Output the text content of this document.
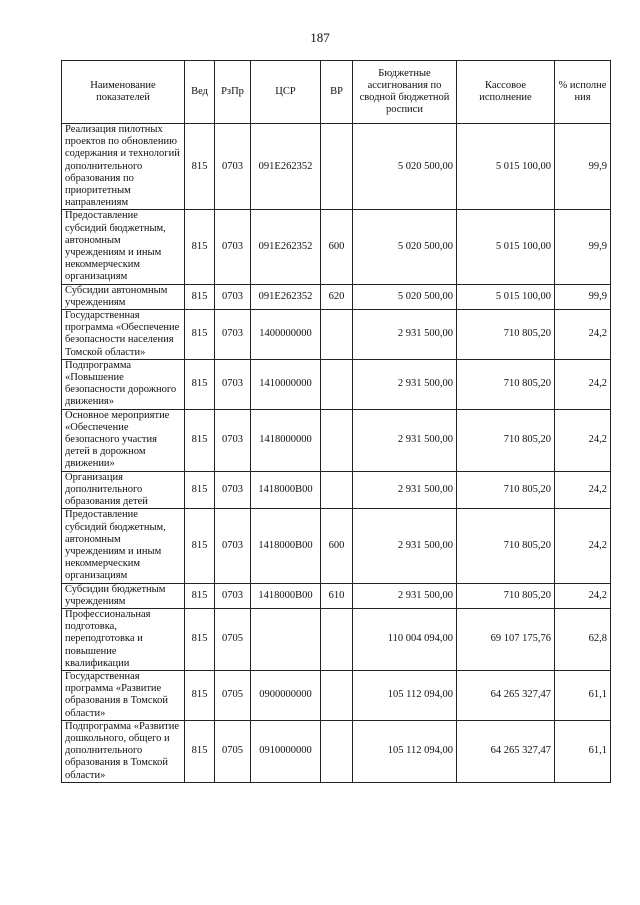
187
Наименование показателей	Вед	РзПр	ЦСР	ВР	Бюджетные ассигнования по сводной бюджетной росписи	Кассовое исполнение	% исполне ния
Реализация пилотных проектов по обновлению содержания и технологий дополнительного образования по приоритетным направлениям	815	0703	091E262352		5 020 500,00	5 015 100,00	99,9
Предоставление субсидий бюджетным, автономным учреждениям и иным некоммерческим организациям	815	0703	091E262352	600	5 020 500,00	5 015 100,00	99,9
Субсидии автономным учреждениям	815	0703	091E262352	620	5 020 500,00	5 015 100,00	99,9
Государственная программа «Обеспечение безопасности населения Томской области»	815	0703	1400000000		2 931 500,00	710 805,20	24,2
Подпрограмма «Повышение безопасности дорожного движения»	815	0703	1410000000		2 931 500,00	710 805,20	24,2
Основное мероприятие «Обеспечение безопасного участия детей в дорожном движении»	815	0703	1418000000		2 931 500,00	710 805,20	24,2
Организация дополнительного образования детей	815	0703	1418000В00		2 931 500,00	710 805,20	24,2
Предоставление субсидий бюджетным, автономным учреждениям и иным некоммерческим организациям	815	0703	1418000В00	600	2 931 500,00	710 805,20	24,2
Субсидии бюджетным учреждениям	815	0703	1418000В00	610	2 931 500,00	710 805,20	24,2
Профессиональная подготовка, переподготовка и повышение квалификации	815	0705			110 004 094,00	69 107 175,76	62,8
Государственная программа «Развитие образования в Томской области»	815	0705	0900000000		105 112 094,00	64 265 327,47	61,1
Подпрограмма «Развитие дошкольного, общего и дополнительного образования в Томской области»	815	0705	0910000000		105 112 094,00	64 265 327,47	61,1
